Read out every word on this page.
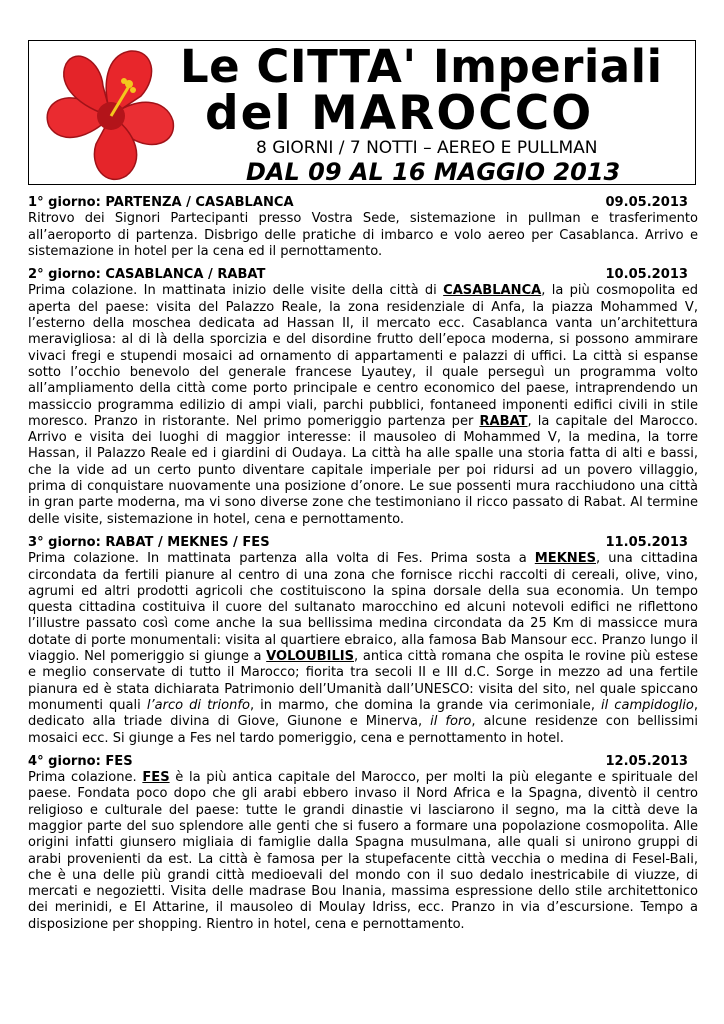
Le CITTA' Imperiali
del MAROCCO
8 GIORNI / 7 NOTTI – AEREO E PULLMAN
DAL 09 AL 16 MAGGIO 2013
1° giorno: PARTENZA / CASABLANCA	09.05.2013
Ritrovo dei Signori Partecipanti presso Vostra Sede, sistemazione in pullman e trasferimento all’aeroporto di partenza. Disbrigo delle pratiche di imbarco e volo aereo per Casablanca. Arrivo e sistemazione in hotel per la cena ed il pernottamento.
2° giorno: CASABLANCA / RABAT	10.05.2013
Prima colazione. In mattinata inizio delle visite della città di CASABLANCA, la più cosmopolita ed aperta del paese: visita del Palazzo Reale, la zona residenziale di Anfa, la piazza Mohammed V, l’esterno della moschea dedicata ad Hassan II, il mercato ecc. Casablanca vanta un’architettura meravigliosa: al di là della sporcizia e del disordine frutto dell’epoca moderna, si possono ammirare vivaci fregi e stupendi mosaici ad ornamento di appartamenti e palazzi di uffici. La città si espanse sotto l’occhio benevolo del generale francese Lyautey, il quale perseguì un programma volto all’ampliamento della città come porto principale e centro economico del paese, intraprendendo un massiccio programma edilizio di ampi viali, parchi pubblici, fontaneed imponenti edifici civili in stile moresco. Pranzo in ristorante. Nel primo pomeriggio partenza per RABAT, la capitale del Marocco. Arrivo e visita dei luoghi di maggior interesse: il mausoleo di Mohammed V, la medina, la torre Hassan, il Palazzo Reale ed i giardini di Oudaya. La città ha alle spalle una storia fatta di alti e bassi, che la vide ad un certo punto diventare capitale imperiale per poi ridursi ad un povero villaggio, prima di conquistare nuovamente una posizione d’onore. Le sue possenti mura racchiudono una città in gran parte moderna, ma vi sono diverse zone che testimoniano il ricco passato di Rabat. Al termine delle visite, sistemazione in hotel, cena e pernottamento.
3° giorno: RABAT / MEKNES / FES	11.05.2013
Prima colazione. In mattinata partenza alla volta di Fes. Prima sosta a MEKNES, una cittadina circondata da fertili pianure al centro di una zona che fornisce ricchi raccolti di cereali, olive, vino, agrumi ed altri prodotti agricoli che costituiscono la spina dorsale della sua economia. Un tempo questa cittadina costituiva il cuore del sultanato marocchino ed alcuni notevoli edifici ne riflettono l’illustre passato così come anche la sua bellissima medina circondata da 25 Km di massicce mura dotate di porte monumentali: visita al quartiere ebraico, alla famosa Bab Mansour ecc. Pranzo lungo il viaggio. Nel pomeriggio si giunge a VOLOUBILIS, antica città romana che ospita le rovine più estese e meglio conservate di tutto il Marocco; fiorita tra secoli II e III d.C. Sorge in mezzo ad una fertile pianura ed è stata dichiarata Patrimonio dell’Umanità dall’UNESCO: visita del sito, nel quale spiccano monumenti quali l’arco di trionfo, in marmo, che domina la grande via cerimoniale, il campidoglio, dedicato alla triade divina di Giove, Giunone e Minerva, il foro, alcune residenze con bellissimi mosaici ecc. Si giunge a Fes nel tardo pomeriggio, cena e pernottamento in hotel.
4° giorno: FES	12.05.2013
Prima colazione. FES è la più antica capitale del Marocco, per molti la più elegante e spirituale del paese. Fondata poco dopo che gli arabi ebbero invaso il Nord Africa e la Spagna, diventò il centro religioso e culturale del paese: tutte le grandi dinastie vi lasciarono il segno, ma la città deve la maggior parte del suo splendore alle genti che si fusero a formare una popolazione cosmopolita. Alle origini infatti giunsero migliaia di famiglie dalla Spagna musulmana, alle quali si unirono gruppi di arabi provenienti da est. La città è famosa per la stupefacente città vecchia o medina di Fesel-Bali, che è una delle più grandi città medioevali del mondo con il suo dedalo inestricabile di viuzze, di mercati e negozietti. Visita delle madrase Bou Inania, massima espressione dello stile architettonico dei merinidi, e El Attarine, il mausoleo di Moulay Idriss, ecc. Pranzo in via d’escursione. Tempo a disposizione per shopping. Rientro in hotel, cena e pernottamento.
